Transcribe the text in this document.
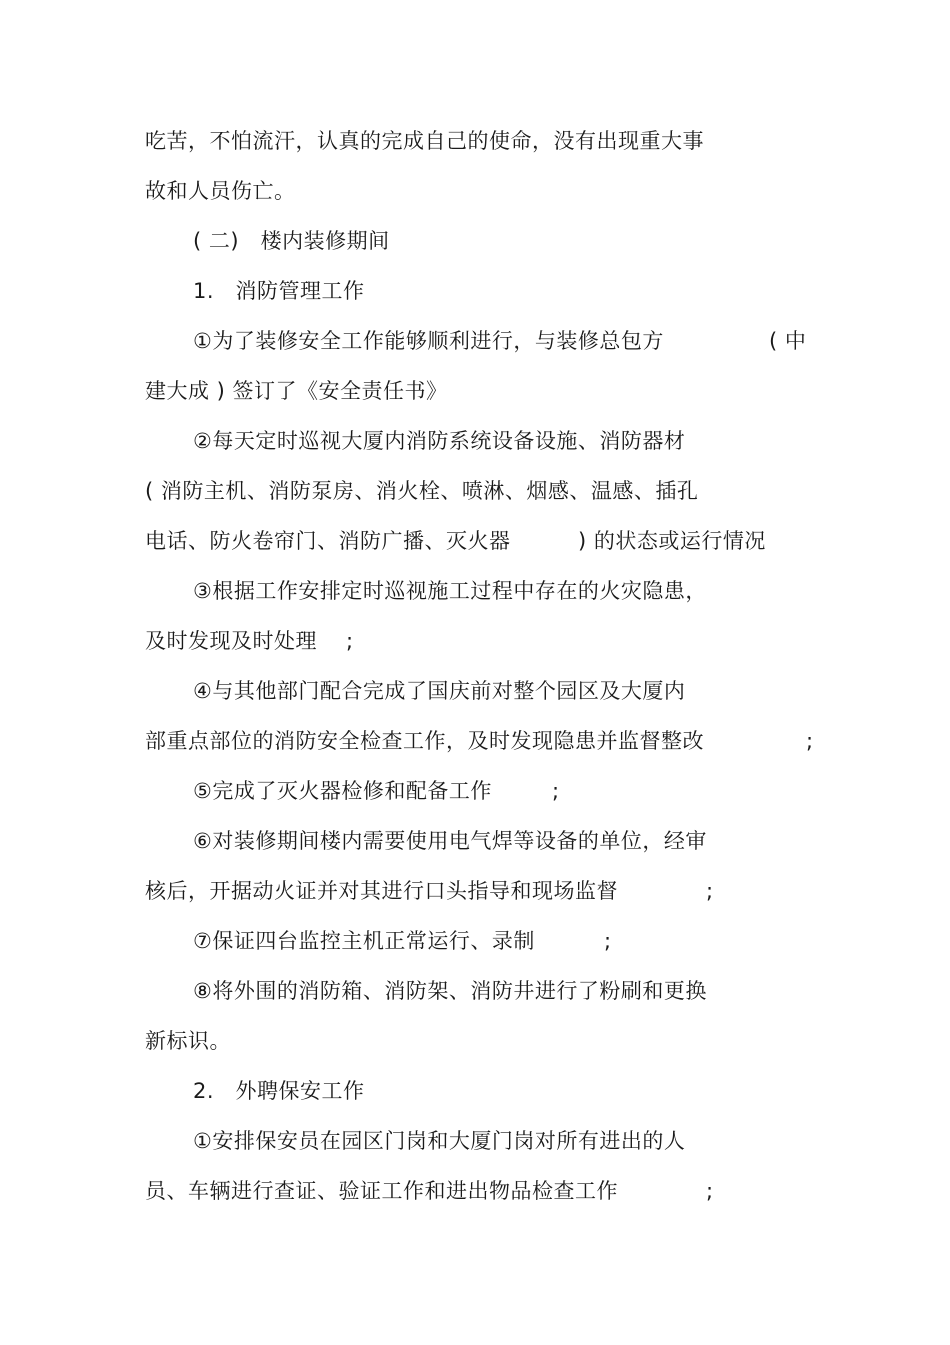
吃苦，不怕流汗，认真的完成自己的使命，没有出现重大事
故和人员伤亡。
( 二)   楼内装修期间
1.   消防管理工作
①为了装修安全工作能够顺利进行，与装修总包方	( 中
建大成 ) 签订了《安全责任书》
②每天定时巡视大厦内消防系统设备设施、消防器材
( 消防主机、消防泵房、消火栓、喷淋、烟感、温感、插孔
电话、防火卷帘门、消防广播、灭火器	) 的状态或运行情况
③根据工作安排定时巡视施工过程中存在的火灾隐患，
及时发现及时处理 ;
④与其他部门配合完成了国庆前对整个园区及大厦内
部重点部位的消防安全检查工作，及时发现隐患并监督整改	;
⑤完成了灭火器检修和配备工作	;
⑥对装修期间楼内需要使用电气焊等设备的单位，经审
核后，开据动火证并对其进行口头指导和现场监督	;
⑦保证四台监控主机正常运行、录制	;
⑧将外围的消防箱、消防架、消防井进行了粉刷和更换
新标识。
2.   外聘保安工作
①安排保安员在园区门岗和大厦门岗对所有进出的人
员、车辆进行查证、验证工作和进出物品检查工作	;
